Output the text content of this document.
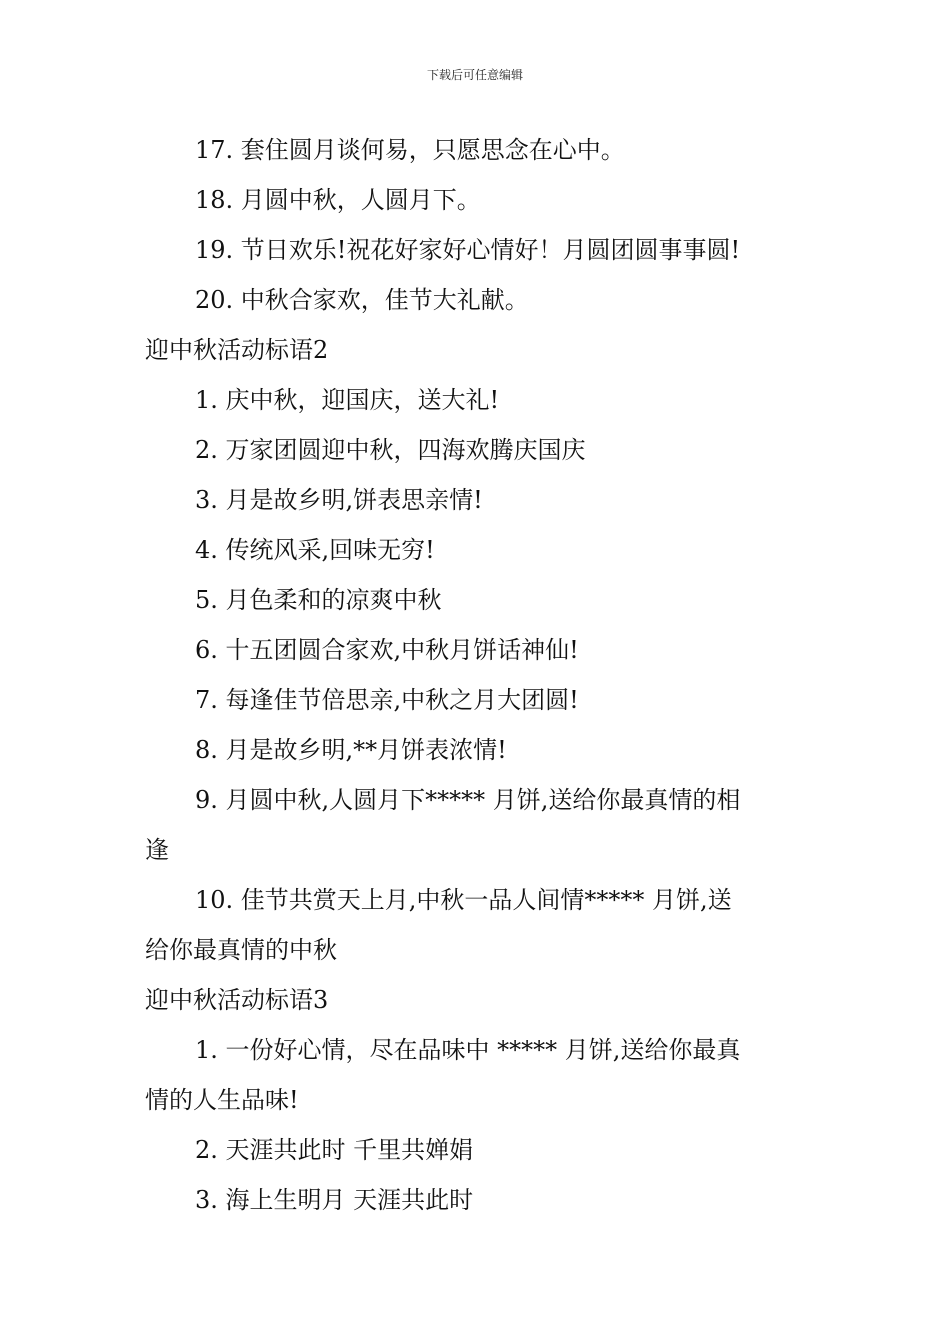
下载后可任意编辑

17. 套住圆月谈何易，只愿思念在心中。

18. 月圆中秋，人圆月下。

19. 节日欢乐!祝花好家好心情好！月圆团圆事事圆!

20. 中秋合家欢，佳节大礼献。

迎中秋活动标语2

1. 庆中秋，迎国庆，送大礼!

2. 万家团圆迎中秋，四海欢腾庆国庆

3. 月是故乡明,饼表思亲情!

4. 传统风采,回味无穷!

5. 月色柔和的凉爽中秋

6. 十五团圆合家欢,中秋月饼话神仙!

7. 每逢佳节倍思亲,中秋之月大团圆!

8. 月是故乡明,**月饼表浓情!

9. 月圆中秋,人圆月下***** 月饼,送给你最真情的相

逢

10. 佳节共赏天上月,中秋一品人间情***** 月饼,送

给你最真情的中秋

迎中秋活动标语3

1. 一份好心情，尽在品味中 ***** 月饼,送给你最真

情的人生品味!

2. 天涯共此时 千里共婵娟

3. 海上生明月 天涯共此时
